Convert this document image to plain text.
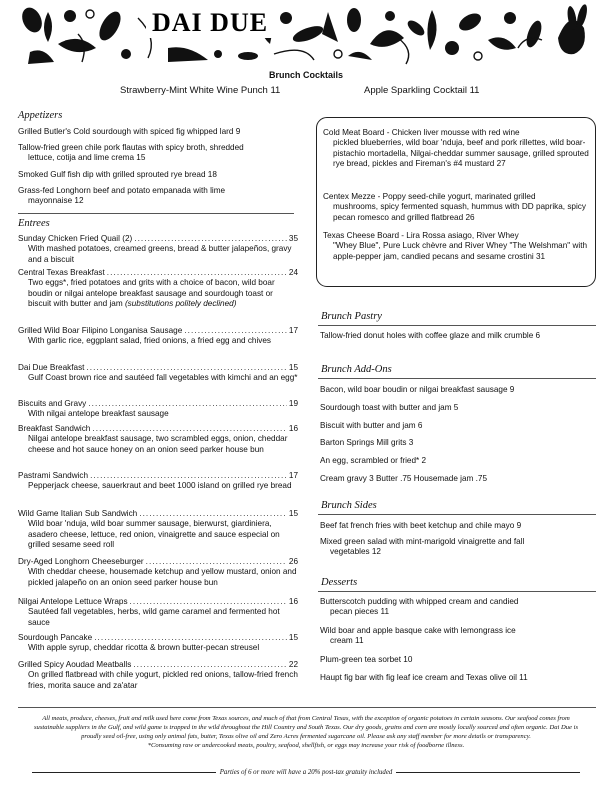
DAI DUE
Brunch Cocktails
Strawberry-Mint White Wine Punch 11	Apple Sparkling Cocktail 11
Appetizers
Grilled Butler's Cold sourdough with spiced fig whipped lard 9
Tallow-fried green chile pork flautas with spicy broth, shredded
lettuce, cotija and lime crema 15
Smoked Gulf fish dip with grilled sprouted rye bread 18
Grass-fed Longhorn beef and potato empanada with lime
mayonnaise 12
Entrees
Sunday Chicken Fried Quail (2) . . .	35
With mashed potatoes, creamed greens, bread & butter jalapeños, gravy and a biscuit
Central Texas Breakfast . . .	24
Two eggs*, fried potatoes and grits with a choice of bacon, wild boar boudin or nilgai antelope breakfast sausage and sourdough toast or biscuit with butter and jam (substitutions politely declined)
Grilled Wild Boar Filipino Longanisa Sausage . . .	17
With garlic rice, eggplant salad, fried onions, a fried egg and chives
Dai Due Breakfast . . .	15
Gulf Coast brown rice and sautéed fall vegetables with kimchi and an egg*
Biscuits and Gravy . . .	19
With nilgai antelope breakfast sausage
Breakfast Sandwich . . .	16
Nilgai antelope breakfast sausage, two scrambled eggs, onion, cheddar cheese and hot sauce honey on an onion seed parker house bun
Pastrami Sandwich . . .	17
Pepperjack cheese, sauerkraut and beet 1000 island on grilled rye bread
Wild Game Italian Sub Sandwich . . .	15
Wild boar 'nduja, wild boar summer sausage, bierwurst, giardiniera, asadero cheese, lettuce, red onion, vinaigrette and sauce especial on grilled sesame seed roll
Dry-Aged Longhorn Cheeseburger . . .	26
With cheddar cheese, housemade ketchup and yellow mustard, onion and pickled jalapeño on an onion seed parker house bun
Nilgai Antelope Lettuce Wraps . . .	16
Sautéed fall vegetables, herbs, wild game caramel and fermented hot sauce
Sourdough Pancake . . .	15
With apple syrup, cheddar ricotta & brown butter-pecan streusel
Grilled Spicy Aoudad Meatballs . . .	22
On grilled flatbread with chile yogurt, pickled red onions, tallow-fried french fries, morita sauce and za'atar
Cold Meat Board - Chicken liver mousse with red wine
pickled blueberries, wild boar 'nduja, beef and pork rillettes, wild boar-pistachio mortadella, Nilgai-cheddar summer sausage, grilled sprouted rye bread, pickles and Fireman's #4 mustard 27
Centex Mezze - Poppy seed-chile yogurt, marinated grilled
mushrooms, spicy fermented squash, hummus with DD paprika, spicy pecan romesco and grilled flatbread 26
Texas Cheese Board - Lira Rossa asiago, River Whey
"Whey Blue", Pure Luck chèvre and River Whey "The Welshman" with apple-pepper jam, candied pecans and sesame crostini 31
Brunch Pastry
Tallow-fried donut holes with coffee glaze and milk crumble 6
Brunch Add-Ons
Bacon, wild boar boudin or nilgai breakfast sausage 9
Sourdough toast with butter and jam 5
Biscuit with butter and jam 6
Barton Springs Mill grits 3
An egg, scrambled or fried* 2
Cream gravy 3 Butter .75 Housemade jam .75
Brunch Sides
Beef fat french fries with beet ketchup and chile mayo 9
Mixed green salad with mint-marigold vinaigrette and fall
vegetables 12
Desserts
Butterscotch pudding with whipped cream and candied
pecan pieces 11
Wild boar and apple basque cake with lemongrass ice
cream 11
Plum-green tea sorbet 10
Haupt fig bar with fig leaf ice cream and Texas olive oil 11
All meats, produce, cheeses, fruit and milk used here come from Texas sources, and much of that from Central Texas, with the exception of organic potatoes in certain seasons. Our seafood comes from sustainable suppliers in the Gulf, and wild game is trapped in the wild throughout the Hill Country and South Texas. Our dry goods, grains and corn are mostly locally sourced and often organic. Dai Due is proudly seed oil-free, using only animal fats, butter, Texas olive oil and Zero Acres fermented sugarcane oil. Please ask any staff member for more details or transparency.
*Consuming raw or undercooked meats, poultry, seafood, shellfish, or eggs may increase your risk of foodborne illness.
Parties of 6 or more will have a 20% post-tax gratuity included
